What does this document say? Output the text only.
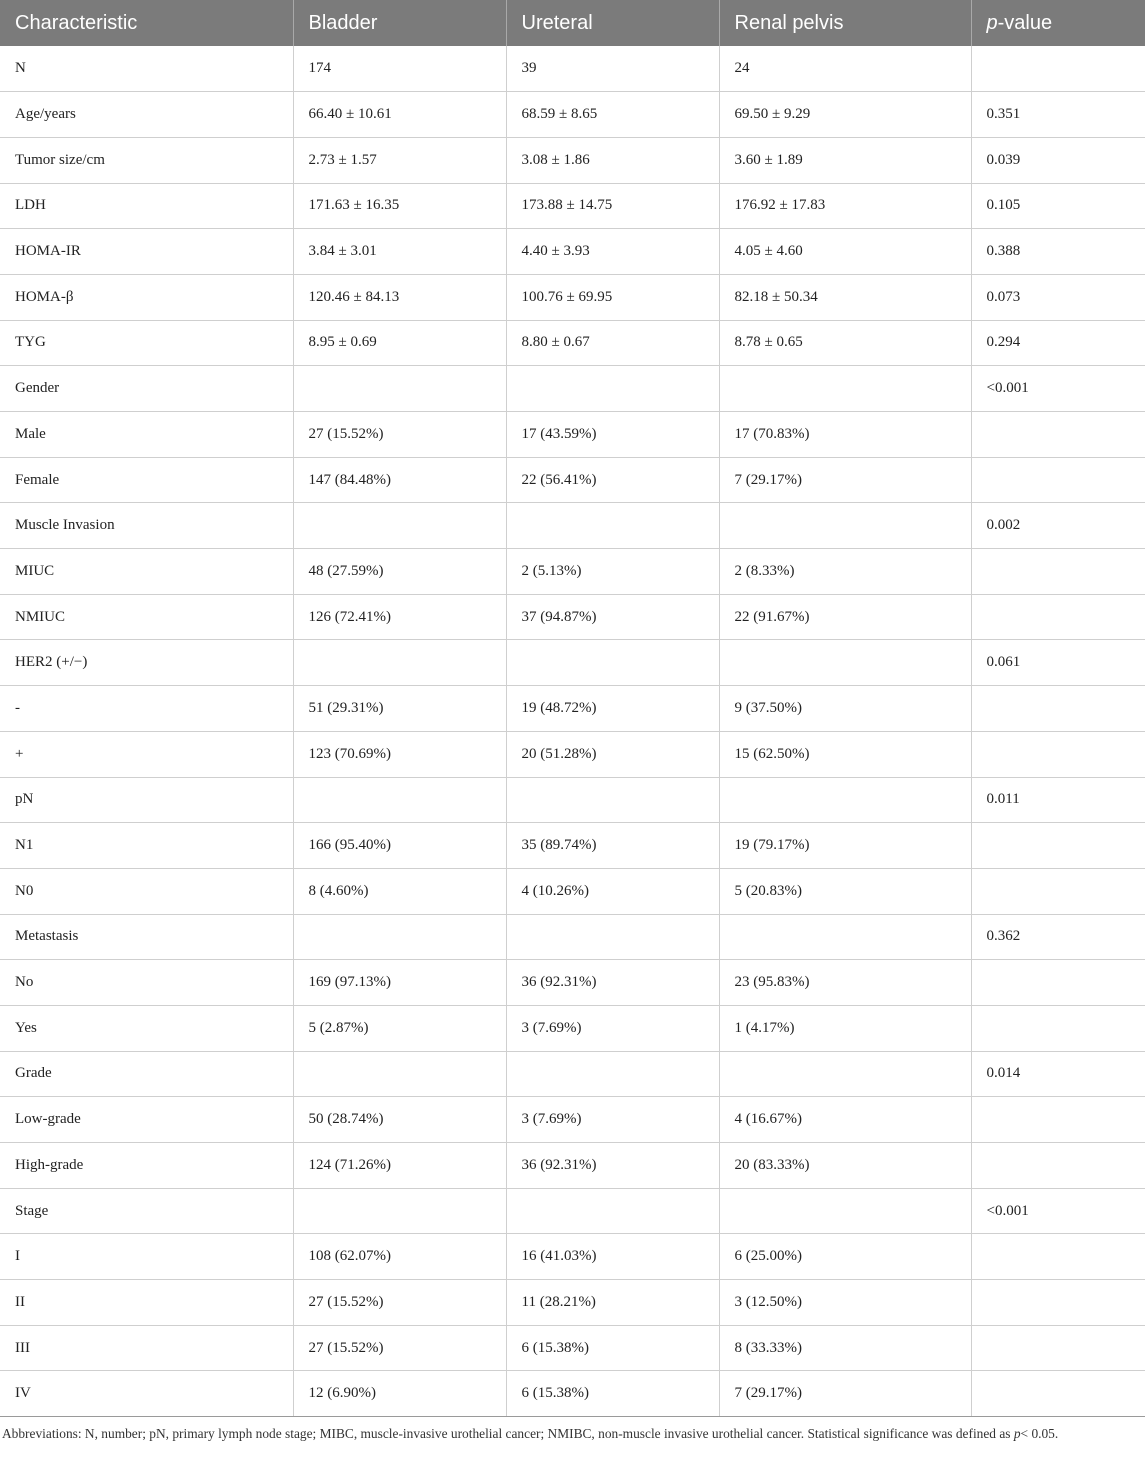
Characteristic	Bladder	Ureteral	Renal pelvis	p-value
N	174	39	24	
Age/years	66.40 ± 10.61	68.59 ± 8.65	69.50 ± 9.29	0.351
Tumor size/cm	2.73 ± 1.57	3.08 ± 1.86	3.60 ± 1.89	0.039
LDH	171.63 ± 16.35	173.88 ± 14.75	176.92 ± 17.83	0.105
HOMA-IR	3.84 ± 3.01	4.40 ± 3.93	4.05 ± 4.60	0.388
HOMA-β	120.46 ± 84.13	100.76 ± 69.95	82.18 ± 50.34	0.073
TYG	8.95 ± 0.69	8.80 ± 0.67	8.78 ± 0.65	0.294
Gender				<0.001
Male	27 (15.52%)	17 (43.59%)	17 (70.83%)	
Female	147 (84.48%)	22 (56.41%)	7 (29.17%)	
Muscle Invasion				0.002
MIUC	48 (27.59%)	2 (5.13%)	2 (8.33%)	
NMIUC	126 (72.41%)	37 (94.87%)	22 (91.67%)	
HER2 (+/−)				0.061
-	51 (29.31%)	19 (48.72%)	9 (37.50%)	
+	123 (70.69%)	20 (51.28%)	15 (62.50%)	
pN				0.011
N1	166 (95.40%)	35 (89.74%)	19 (79.17%)	
N0	8 (4.60%)	4 (10.26%)	5 (20.83%)	
Metastasis				0.362
No	169 (97.13%)	36 (92.31%)	23 (95.83%)	
Yes	5 (2.87%)	3 (7.69%)	1 (4.17%)	
Grade				0.014
Low-grade	50 (28.74%)	3 (7.69%)	4 (16.67%)	
High-grade	124 (71.26%)	36 (92.31%)	20 (83.33%)	
Stage				<0.001
I	108 (62.07%)	16 (41.03%)	6 (25.00%)	
II	27 (15.52%)	11 (28.21%)	3 (12.50%)	
III	27 (15.52%)	6 (15.38%)	8 (33.33%)	
IV	12 (6.90%)	6 (15.38%)	7 (29.17%)	

Abbreviations: N, number; pN, primary lymph node stage; MIBC, muscle-invasive urothelial cancer; NMIBC, non-muscle invasive urothelial cancer. Statistical significance was defined as p< 0.05.
